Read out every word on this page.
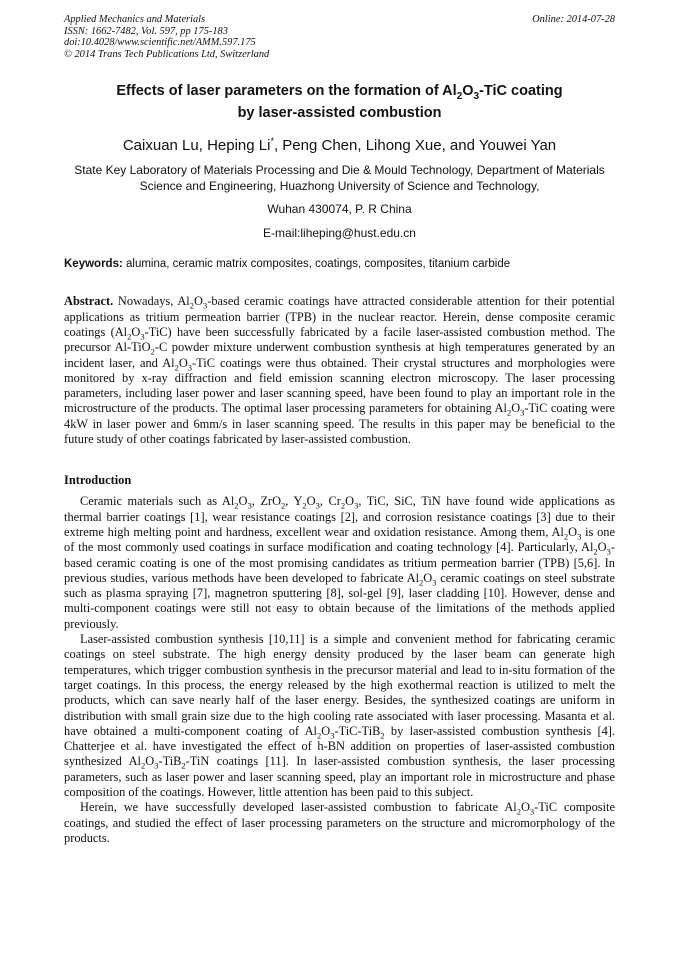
Online: 2014-07-28
Applied Mechanics and Materials
ISSN: 1662-7482, Vol. 597, pp 175-183
doi:10.4028/www.scientific.net/AMM.597.175
© 2014 Trans Tech Publications Ltd, Switzerland
Effects of laser parameters on the formation of $Al_2O_3$-TiC coating
by laser-assisted combustion
Caixuan Lu, Heping Li*, Peng Chen, Lihong Xue, and Youwei Yan
State Key Laboratory of Materials Processing and Die & Mould Technology, Department of Materials
Science and Engineering, Huazhong University of Science and Technology,
Wuhan 430074, P. R China
E-mail:liheping@hust.edu.cn
Keywords: alumina, ceramic matrix composites, coatings, composites, titanium carbide
Abstract. Nowadays, $Al_2O_3$-based ceramic coatings have attracted considerable attention for their potential applications as tritium permeation barrier (TPB) in the nuclear reactor. Herein, dense composite ceramic coatings $(Al_2O_3-TiC)$ have been successfully fabricated by a facile laser-assisted combustion method. The precursor Al-TiO$_2$-C powder mixture underwent combustion synthesis at high temperatures generated by an incident laser, and $Al_2O_3$-TiC coatings were thus obtained. Their crystal structures and morphologies were monitored by x-ray diffraction and field emission scanning electron microscopy. The laser processing parameters, including laser power and laser scanning speed, have been found to play an important role in the microstructure of the products. The optimal laser processing parameters for obtaining $Al_2O_3$-TiC coating were 4kW in laser power and 6mm/s in laser scanning speed. The results in this paper may be beneficial to the future study of other coatings fabricated by laser-assisted combustion.
Introduction

Ceramic materials such as $Al_2O_3$, ZrO$_2$, $Y_2O_3$, $Cr_2O_3$, TiC, SiC, TiN have found wide applications as thermal barrier coatings [1], wear resistance coatings [2], and corrosion resistance coatings [3] due to their extreme high melting point and hardness, excellent wear and oxidation resistance. Among them, $Al_2O_3$ is one of the most commonly used coatings in surface modification and coating technology [4]. Particularly, $Al_2O_3$-based ceramic coating is one of the most promising candidates as tritium permeation barrier (TPB) [5,6]. In previous studies, various methods have been developed to fabricate $Al_2O_3$ ceramic coatings on steel substrate such as plasma spraying [7], magnetron sputtering [8], sol-gel [9], laser cladding [10]. However, dense and multi-component coatings were still not easy to obtain because of the limitations of the methods applied previously.

Laser-assisted combustion synthesis [10,11] is a simple and convenient method for fabricating ceramic coatings on steel substrate. The high energy density produced by the laser beam can generate high temperatures, which trigger combustion synthesis in the precursor material and lead to in-situ formation of the target coatings. In this process, the energy released by the high exothermal reaction is utilized to melt the products, which can save nearly half of the laser energy. Besides, the synthesized coatings are uniform in distribution with small grain size due to the high cooling rate associated with laser processing. Masanta et al. have obtained a multi-component coating of $Al_2O_3-TiC-TiB_2$ by laser-assisted combustion synthesis [4]. Chatterjee et al. have investigated the effect of h-BN addition on properties of laser-assisted combustion synthesized $Al_2O_3-TiB_2$-TiN coatings [11]. In laser-assisted combustion synthesis, the laser processing parameters, such as laser power and laser scanning speed, play an important role in microstructure and phase composition of the coatings. However, little attention has been paid to this subject.

Herein, we have successfully developed laser-assisted combustion to fabricate $Al_2O_3$-TiC composite coatings, and studied the effect of laser processing parameters on the structure and micromorphology of the products.
